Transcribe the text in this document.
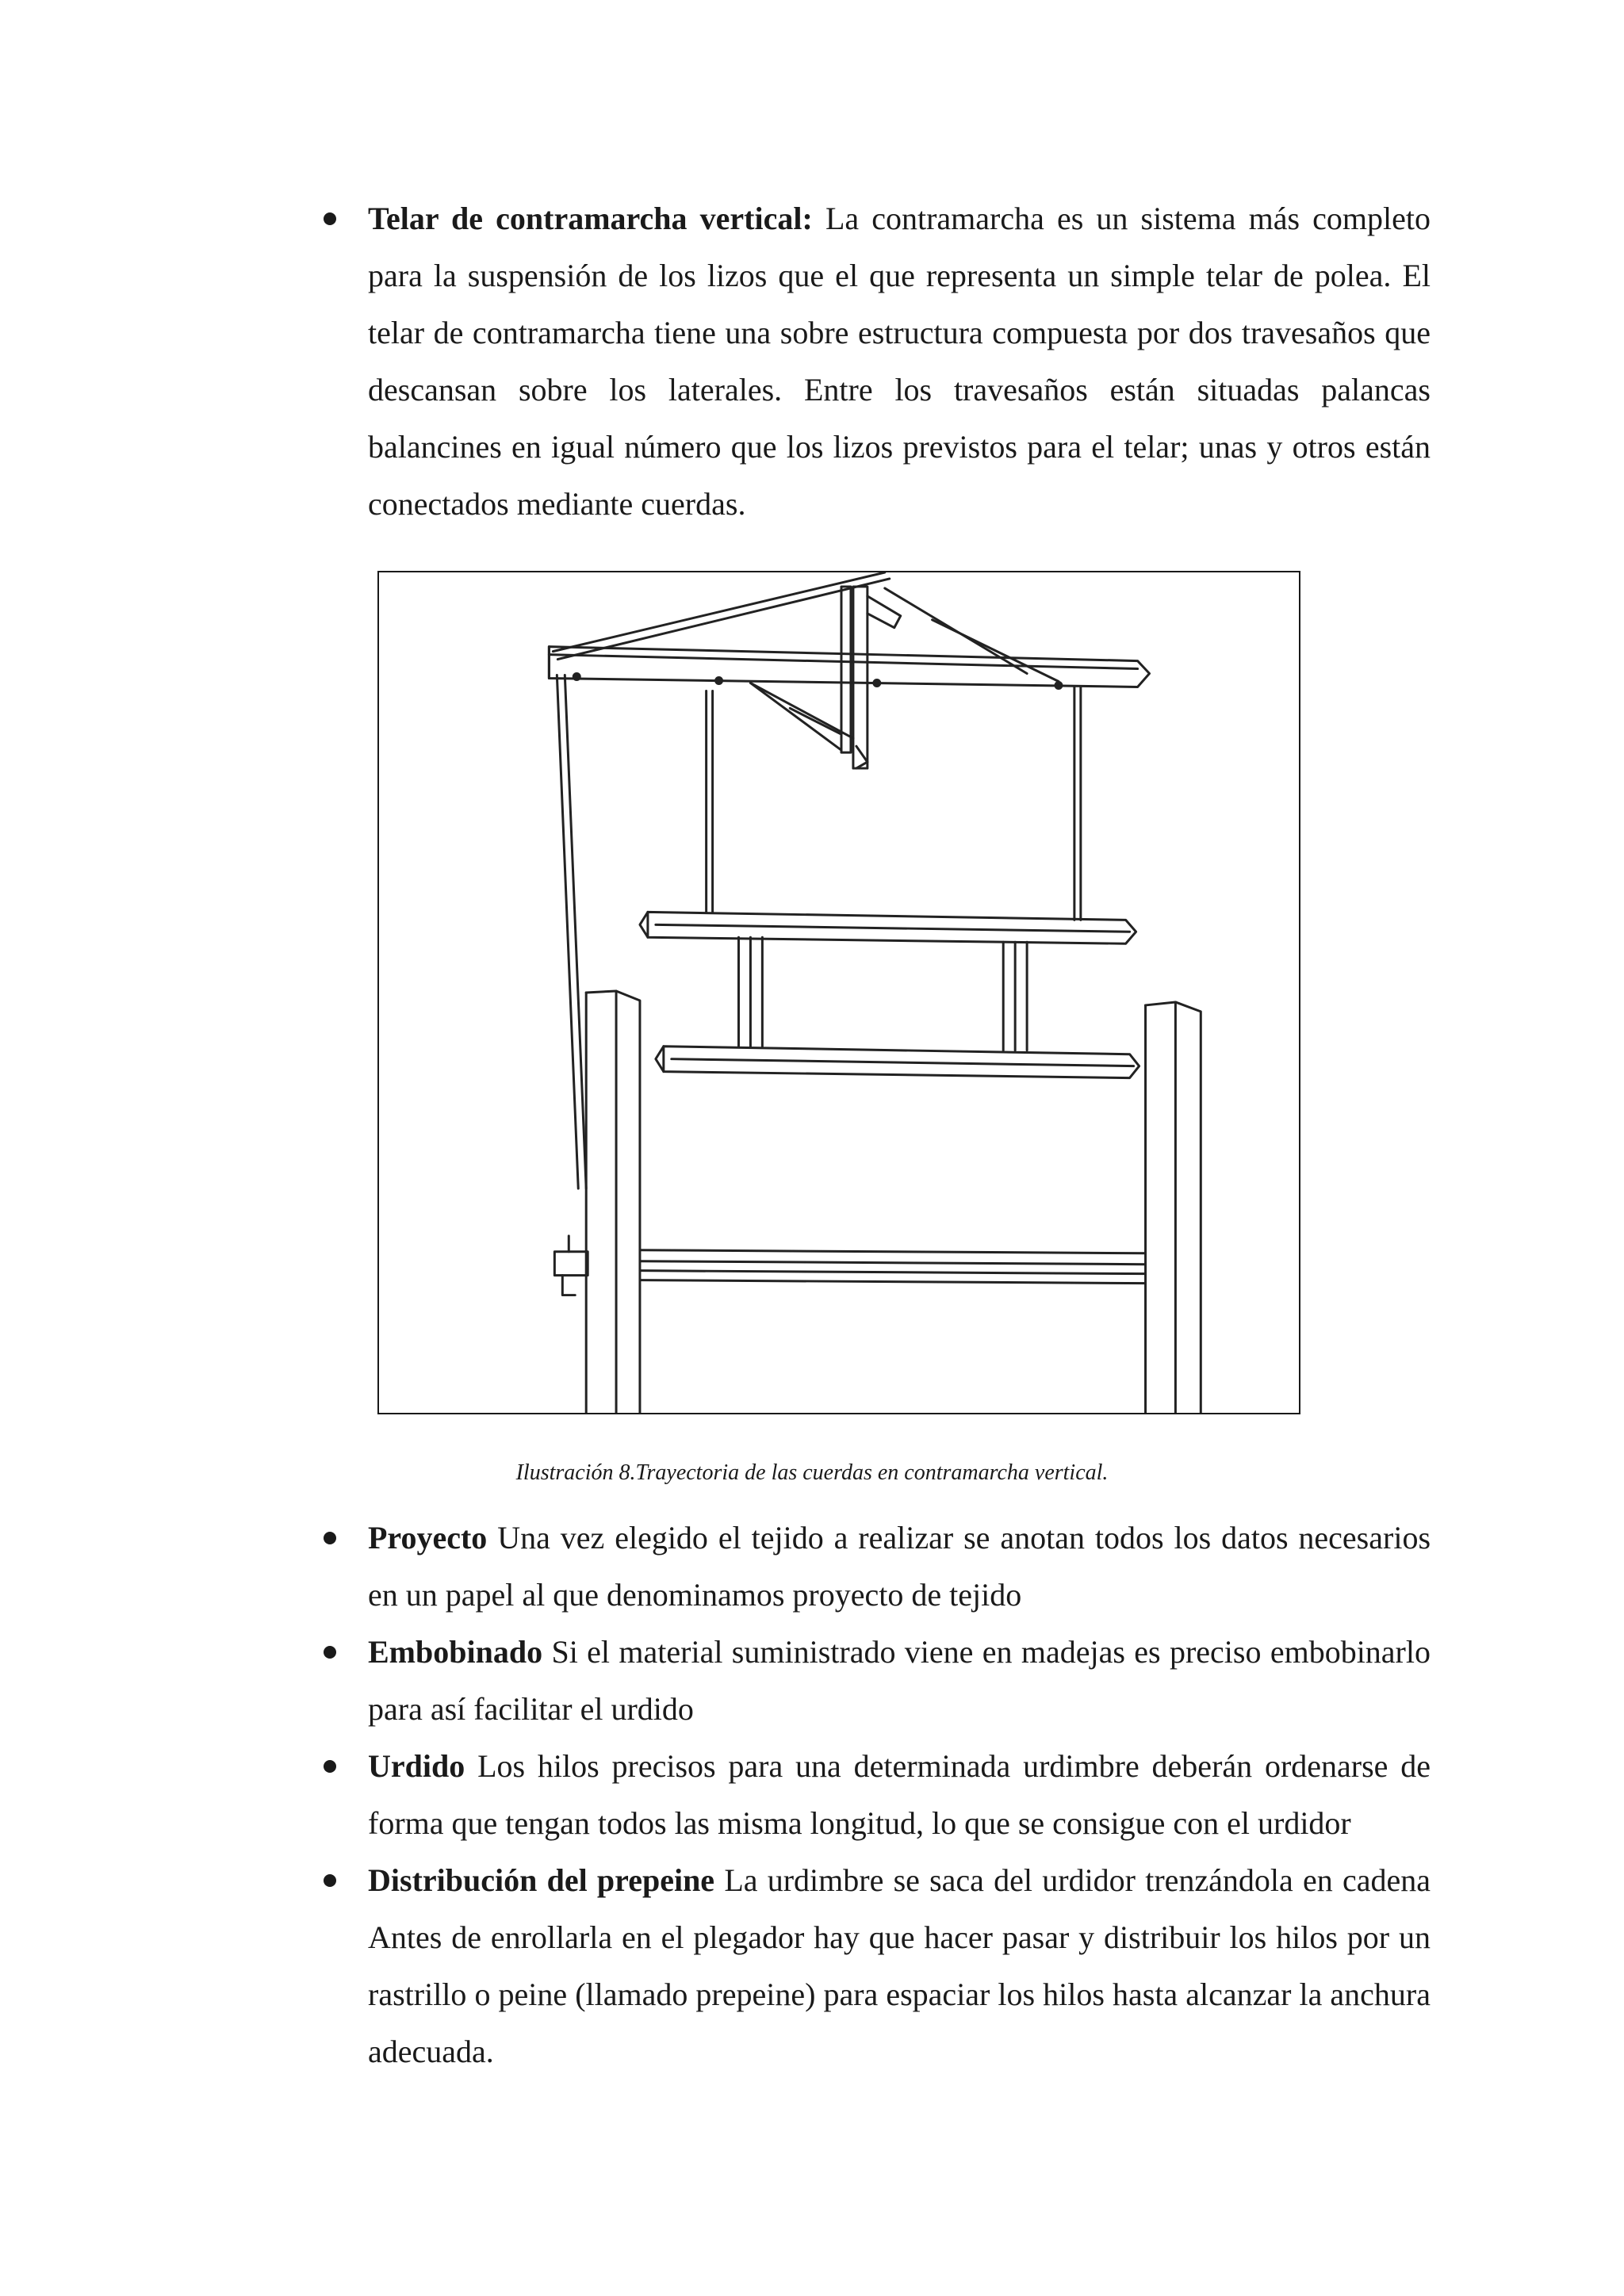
Telar de contramarcha vertical: La contramarcha es un sistema más completo para la suspensión de los lizos que el que representa un simple telar de polea. El telar de contramarcha tiene una sobre estructura compuesta por dos travesaños que descansan sobre los laterales. Entre los travesaños están situadas palancas balancines en igual número que los lizos previstos para el telar; unas y otros están conectados mediante cuerdas.

Ilustración 8.Trayectoria de las cuerdas en contramarcha vertical.

Proyecto Una vez elegido el tejido a realizar se anotan todos los datos necesarios en un papel al que denominamos proyecto de tejido

Embobinado Si el material suministrado viene en madejas es preciso embobinarlo para así facilitar el urdido

Urdido Los hilos precisos para una determinada urdimbre deberán ordenarse de forma que tengan todos las misma longitud, lo que se consigue con el urdidor

Distribución del prepeine La urdimbre se saca del urdidor trenzándola en cadena Antes de enrollarla en el plegador hay que hacer pasar y distribuir los hilos por un rastrillo o peine (llamado prepeine) para espaciar los hilos hasta alcanzar la anchura adecuada.
